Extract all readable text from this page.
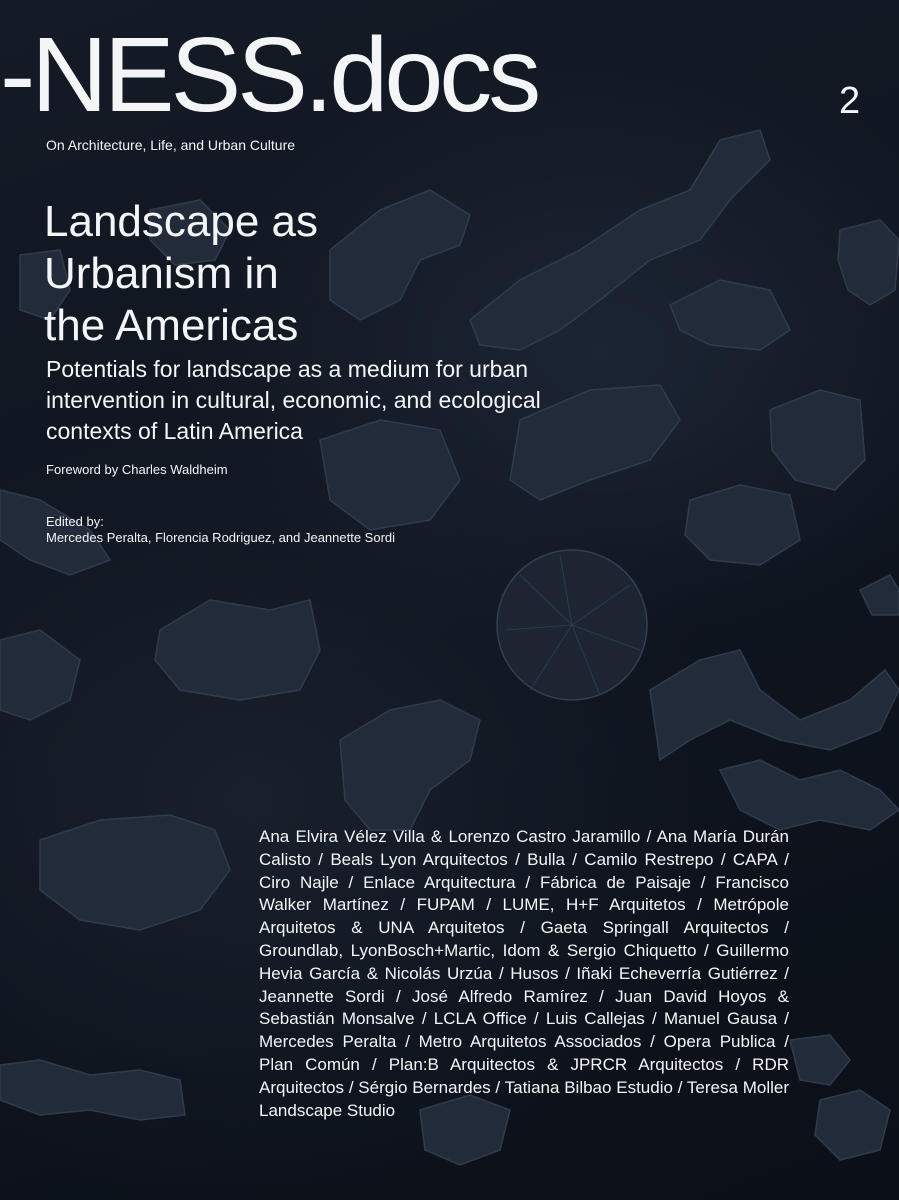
-NESS.docs	2
On Architecture, Life, and Urban Culture
Landscape as
Urbanism in
the Americas

Potentials for landscape as a medium for urban intervention in cultural, economic, and ecological contexts of Latin America

Foreword by Charles Waldheim
Edited by:
Mercedes Peralta, Florencia Rodriguez, and Jeannette Sordi

Ana Elvira Vélez Villa & Lorenzo Castro Jaramillo / Ana María Durán Calisto / Beals Lyon Arquitectos / Bulla / Camilo Restrepo / CAPA / Ciro Najle / Enlace Arquitectura / Fábrica de Paisaje / Francisco Walker Martínez / FUPAM / LUME, H+F Arquitetos / Metrópole Arquitetos & UNA Arquitetos / Gaeta Springall Arquitectos / Groundlab, LyonBosch+Martic, Idom & Sergio Chiquetto / Guillermo Hevia García & Nicolás Urzúa / Husos / Iñaki Echeverría Gutiérrez / Jeannette Sordi / José Alfredo Ramírez / Juan David Hoyos & Sebastián Monsalve / LCLA Office / Luis Callejas / Manuel Gausa / Mercedes Peralta / Metro Arquitetos Associados / Opera Publica / Plan Común / Plan:B Arquitectos & JPRCR Arquitectos / RDR Arquitectos / Sérgio Bernardes / Tatiana Bilbao Estudio / Teresa Moller Landscape Studio
